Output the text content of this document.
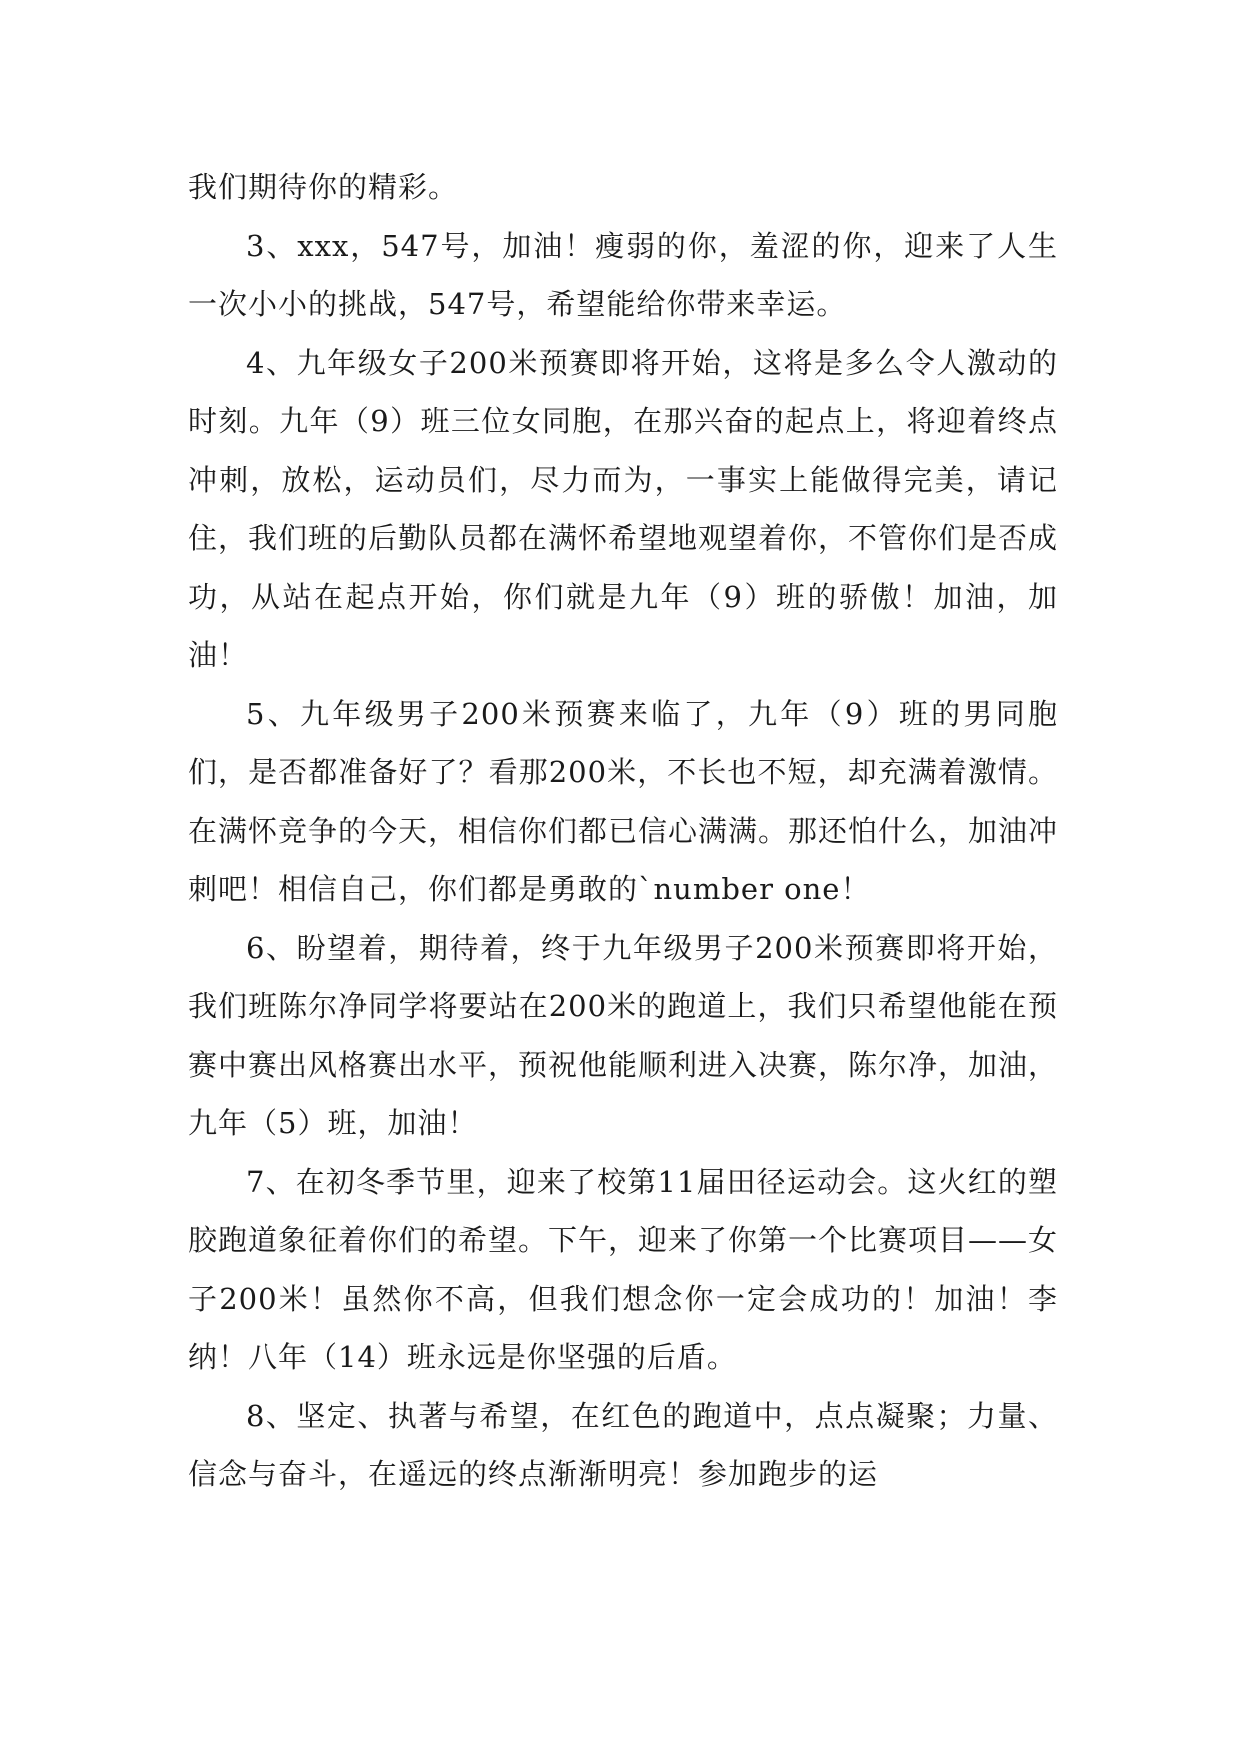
我们期待你的精彩。

3、xxx，547号，加油！瘦弱的你，羞涩的你，迎来了人生一次小小的挑战，547号，希望能给你带来幸运。

4、九年级女子200米预赛即将开始，这将是多么令人激动的时刻。九年（9）班三位女同胞，在那兴奋的起点上，将迎着终点冲刺，放松，运动员们，尽力而为，一事实上能做得完美，请记住，我们班的后勤队员都在满怀希望地观望着你，不管你们是否成功，从站在起点开始，你们就是九年（9）班的骄傲！加油，加油！

5、九年级男子200米预赛来临了，九年（9）班的男同胞们，是否都准备好了？看那200米，不长也不短，却充满着激情。在满怀竞争的今天，相信你们都已信心满满。那还怕什么，加油冲刺吧！相信自己，你们都是勇敢的`number one！

6、盼望着，期待着，终于九年级男子200米预赛即将开始，我们班陈尔净同学将要站在200米的跑道上，我们只希望他能在预赛中赛出风格赛出水平，预祝他能顺利进入决赛，陈尔净，加油，九年（5）班，加油！

7、在初冬季节里，迎来了校第11届田径运动会。这火红的塑胶跑道象征着你们的希望。下午，迎来了你第一个比赛项目——女子200米！虽然你不高，但我们想念你一定会成功的！加油！李纳！八年（14）班永远是你坚强的后盾。

8、坚定、执著与希望，在红色的跑道中，点点凝聚；力量、信念与奋斗，在遥远的终点渐渐明亮！参加跑步的运
